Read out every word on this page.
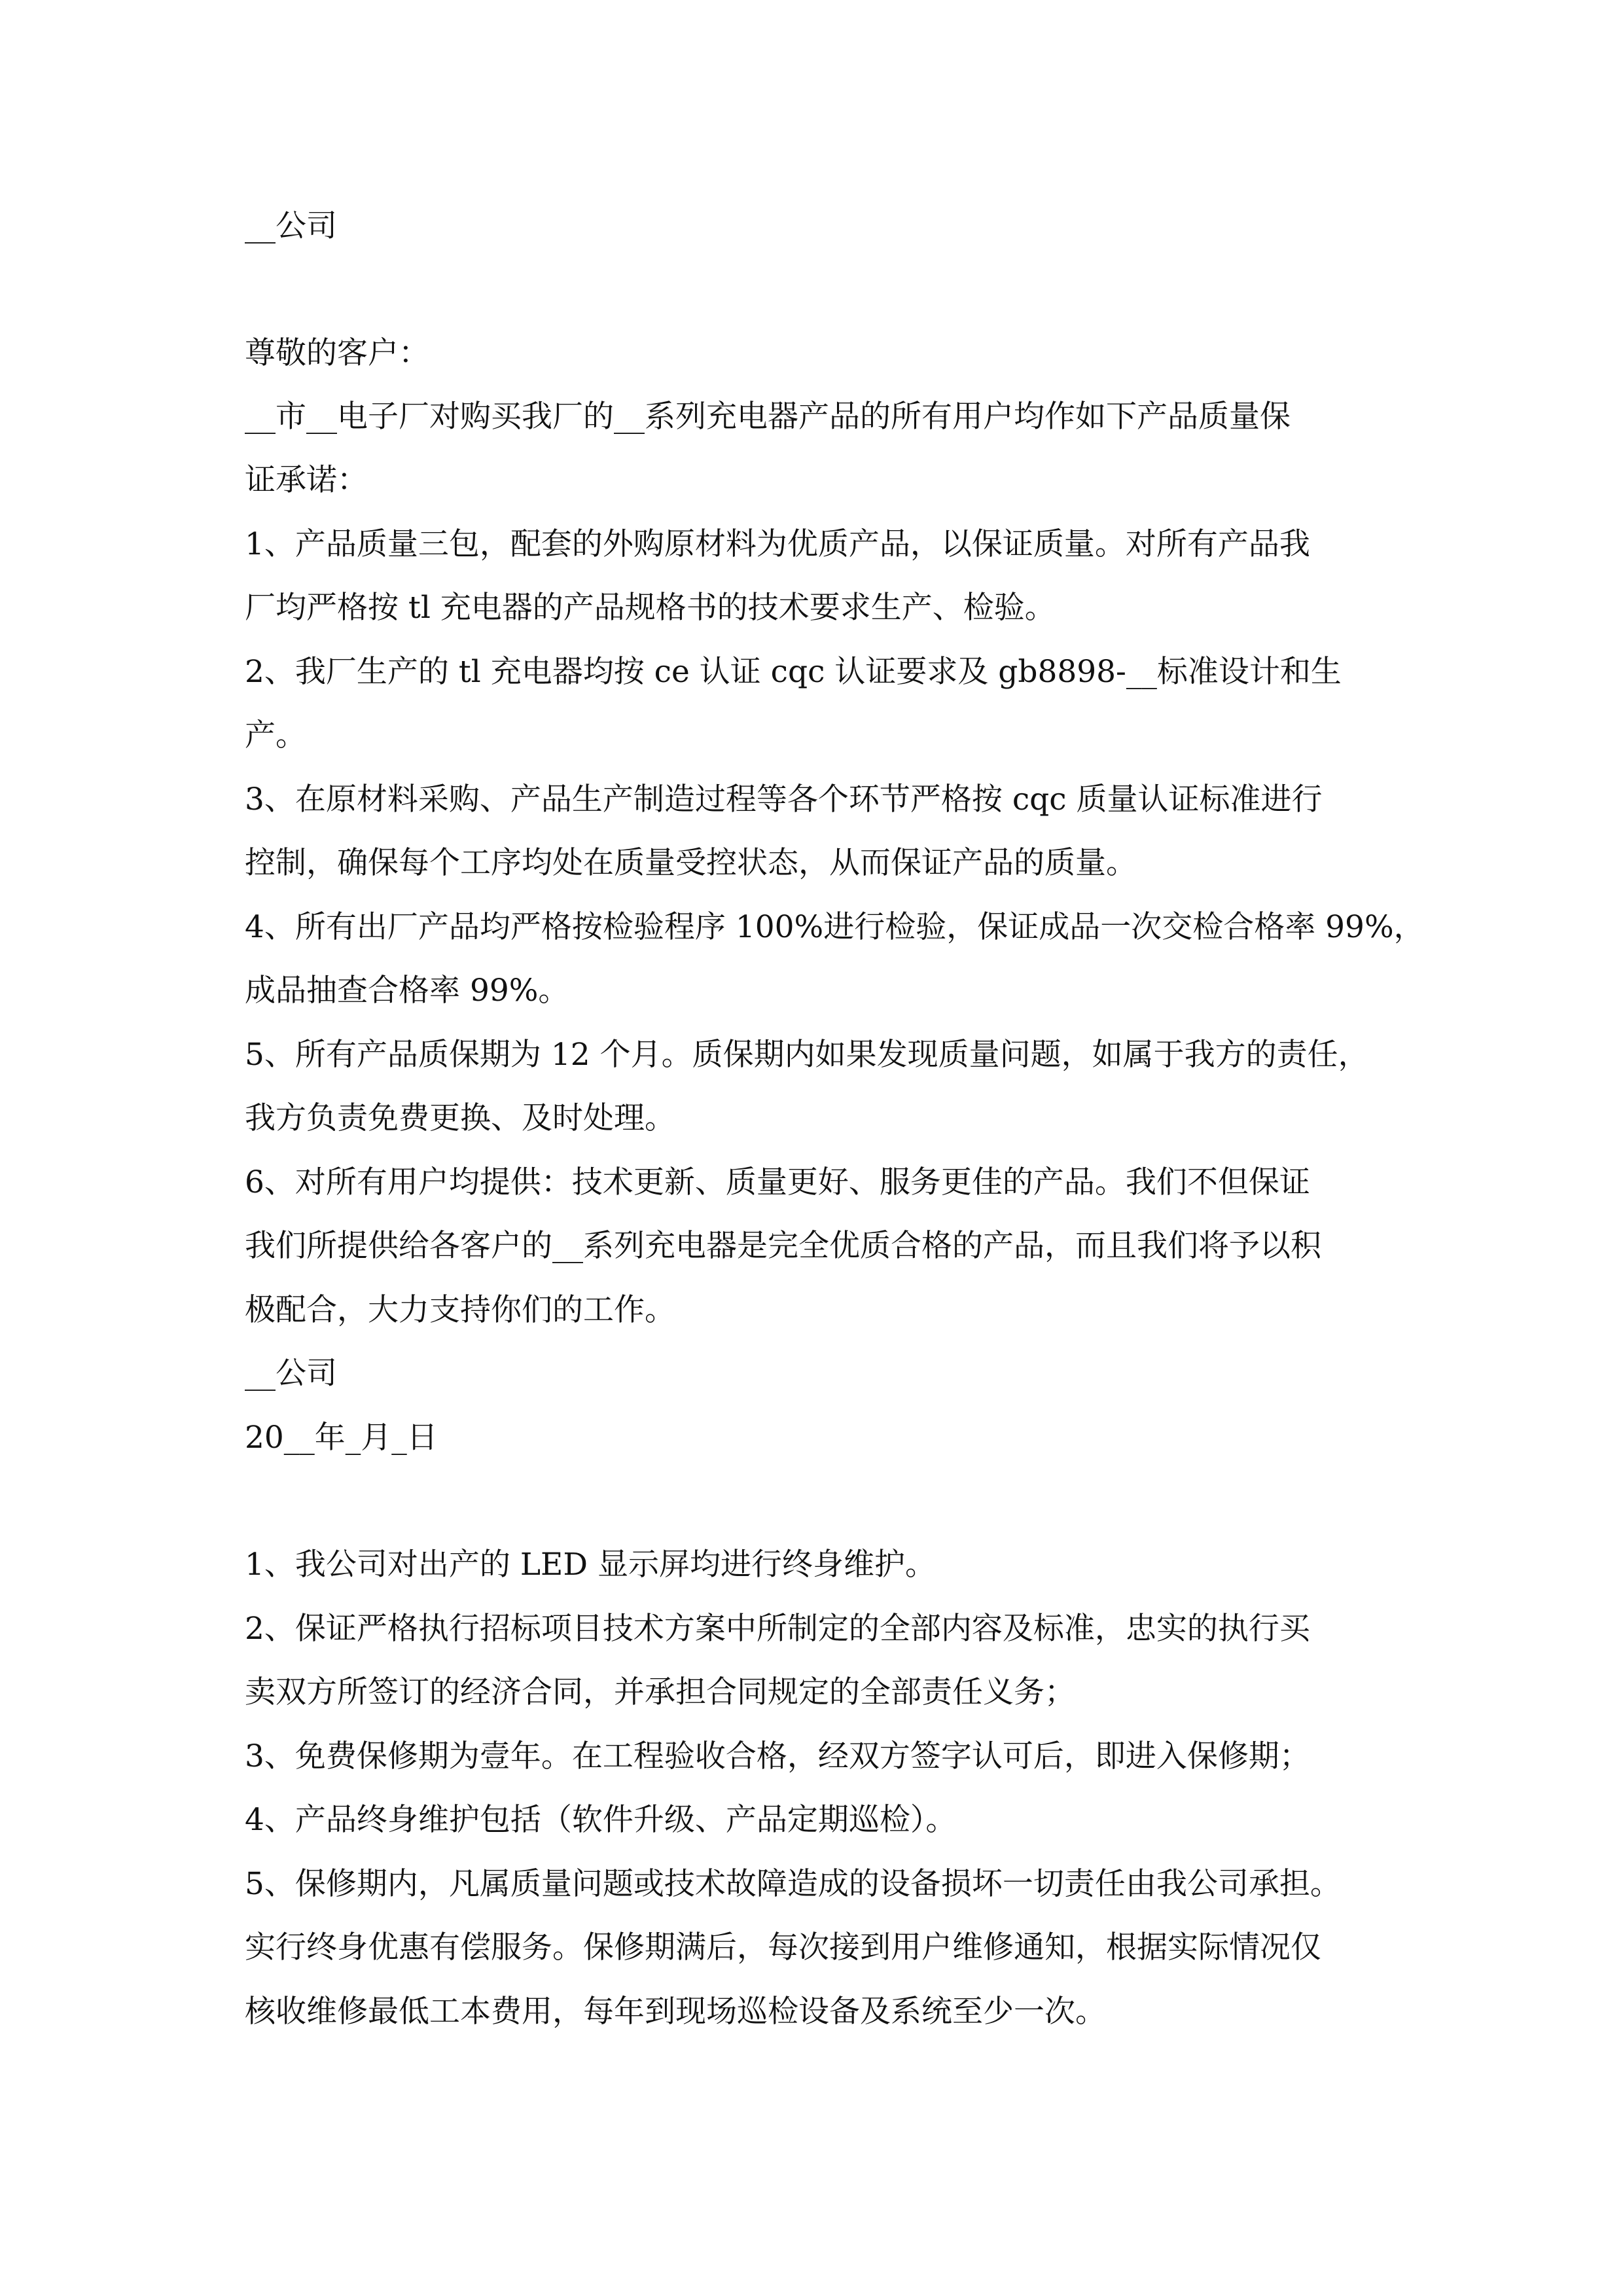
__公司

尊敬的客户：

__市__电子厂对购买我厂的__系列充电器产品的所有用户均作如下产品质量保

证承诺：

1、产品质量三包，配套的外购原材料为优质产品，以保证质量。对所有产品我

厂均严格按 tl 充电器的产品规格书的技术要求生产、检验。

2、我厂生产的 tl 充电器均按 ce 认证 cqc 认证要求及 gb8898-__标准设计和生

产。

3、在原材料采购、产品生产制造过程等各个环节严格按 cqc 质量认证标准进行

控制，确保每个工序均处在质量受控状态，从而保证产品的质量。

4、所有出厂产品均严格按检验程序 100%进行检验，保证成品一次交检合格率 99%，

成品抽查合格率 99%。

5、所有产品质保期为 12 个月。质保期内如果发现质量问题，如属于我方的责任，

我方负责免费更换、及时处理。

6、对所有用户均提供：技术更新、质量更好、服务更佳的产品。我们不但保证

我们所提供给各客户的__系列充电器是完全优质合格的产品，而且我们将予以积

极配合，大力支持你们的工作。

__公司

20__年_月_日

1、我公司对出产的 LED 显示屏均进行终身维护。

2、保证严格执行招标项目技术方案中所制定的全部内容及标准，忠实的执行买

卖双方所签订的经济合同，并承担合同规定的全部责任义务；

3、免费保修期为壹年。在工程验收合格，经双方签字认可后，即进入保修期；

4、产品终身维护包括（软件升级、产品定期巡检）。

5、保修期内，凡属质量问题或技术故障造成的设备损坏一切责任由我公司承担。

实行终身优惠有偿服务。保修期满后，每次接到用户维修通知，根据实际情况仅

核收维修最低工本费用，每年到现场巡检设备及系统至少一次。
